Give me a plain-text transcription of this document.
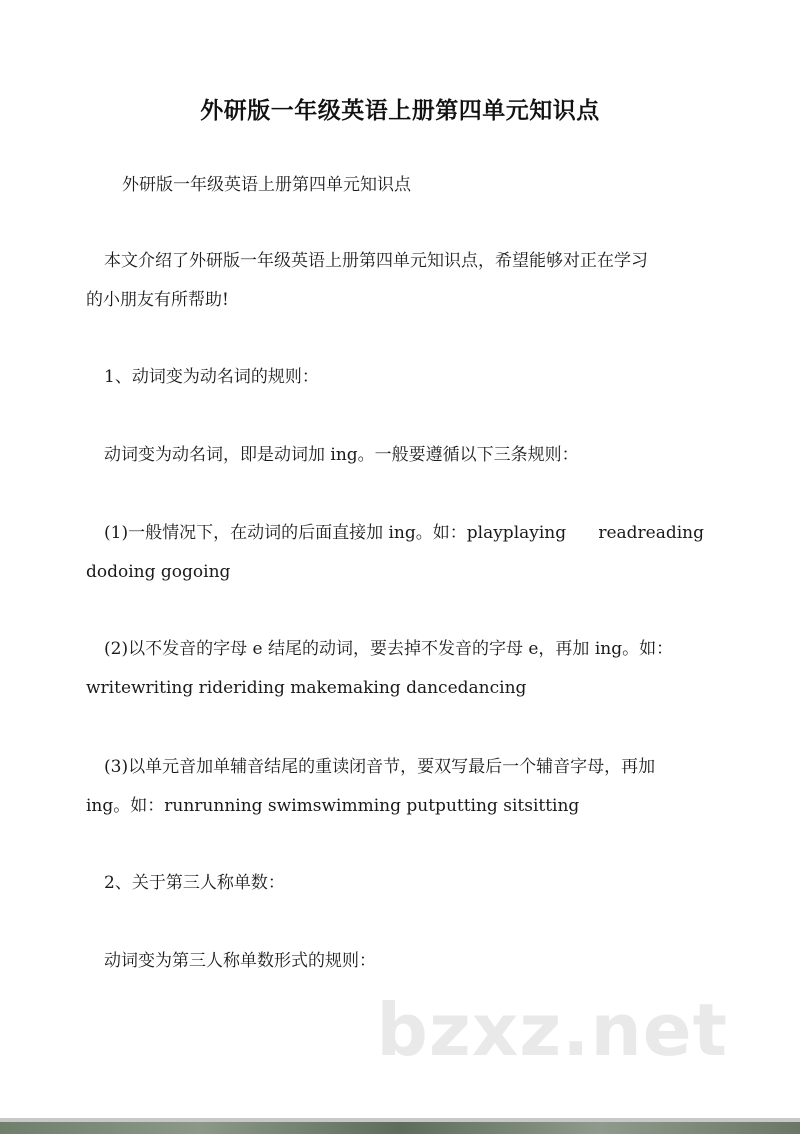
外研版一年级英语上册第四单元知识点

外研版一年级英语上册第四单元知识点

本文介绍了外研版一年级英语上册第四单元知识点，希望能够对正在学习
的小朋友有所帮助!

1、动词变为动名词的规则：

动词变为动名词，即是动词加 ing。一般要遵循以下三条规则：

(1)一般情况下，在动词的后面直接加 ing。如：playplaying readreading
dodoing gogoing

(2)以不发音的字母 e 结尾的动词，要去掉不发音的字母 e，再加 ing。如：
writewriting rideriding makemaking dancedancing

(3)以单元音加单辅音结尾的重读闭音节，要双写最后一个辅音字母，再加
ing。如：runrunning swimswimming putputting sitsitting

2、关于第三人称单数：

动词变为第三人称单数形式的规则：

bzxz.net
